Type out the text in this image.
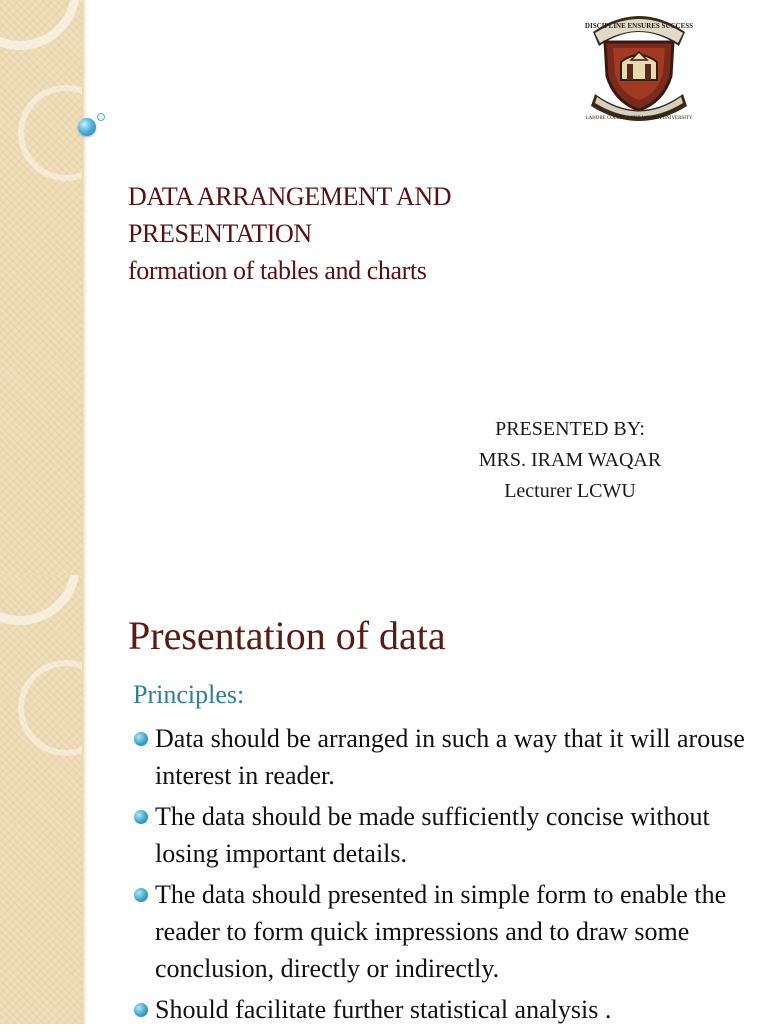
DISCIPLINE ENSURES SUCCESS
LAHORE COLLEGE FOR WOMEN UNIVERSITY
DATA ARRANGEMENT AND
PRESENTATION
formation of tables and charts
PRESENTED BY:
MRS. IRAM WAQAR
Lecturer LCWU
Presentation of data
Principles:
Data should be arranged in such a way that it will arouse interest in reader.
The data should be made sufficiently concise without losing important details.
The data should presented in simple form to enable the reader to form quick impressions and to draw some conclusion, directly or indirectly.
Should facilitate further statistical analysis .
